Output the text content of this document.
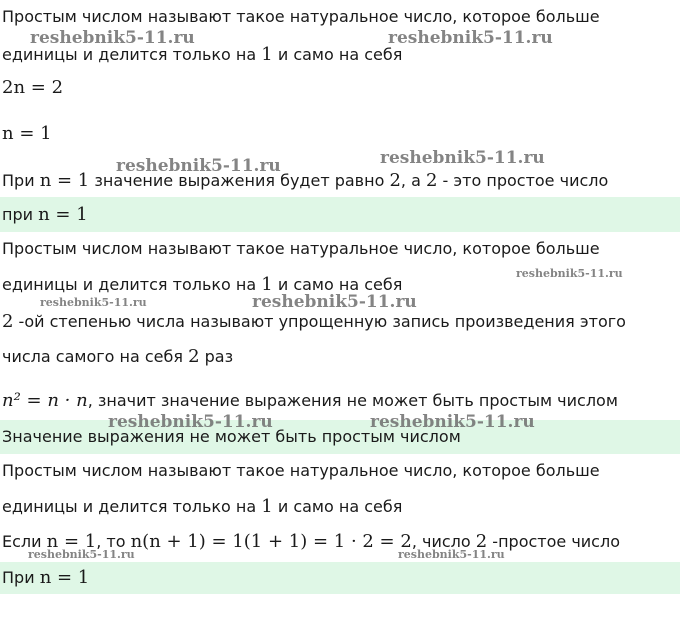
Простым числом называют такое натуральное число, которое больше
единицы и делится только на 1 и само на себя
2n = 2
n = 1
При n = 1 значение выражения будет равно 2, а 2 - это простое число
при n = 1
Простым числом называют такое натуральное число, которое больше
единицы и делится только на 1 и само на себя
2 -ой степенью числа называют упрощенную запись произведения этого
числа самого на себя 2 раз
n² = n · n, значит значение выражения не может быть простым числом
Значение выражения не может быть простым числом
Простым числом называют такое натуральное число, которое больше
единицы и делится только на 1 и само на себя
Если n = 1, то n(n + 1) = 1(1 + 1) = 1 · 2 = 2, число 2 -простое число
При n = 1
reshebnik5-11.ru	reshebnik5-11.ru
reshebnik5-11.ru	reshebnik5-11.ru
reshebnik5-11.ru
reshebnik5-11.ru	reshebnik5-11.ru
reshebnik5-11.ru	reshebnik5-11.ru
reshebnik5-11.ru	reshebnik5-11.ru
